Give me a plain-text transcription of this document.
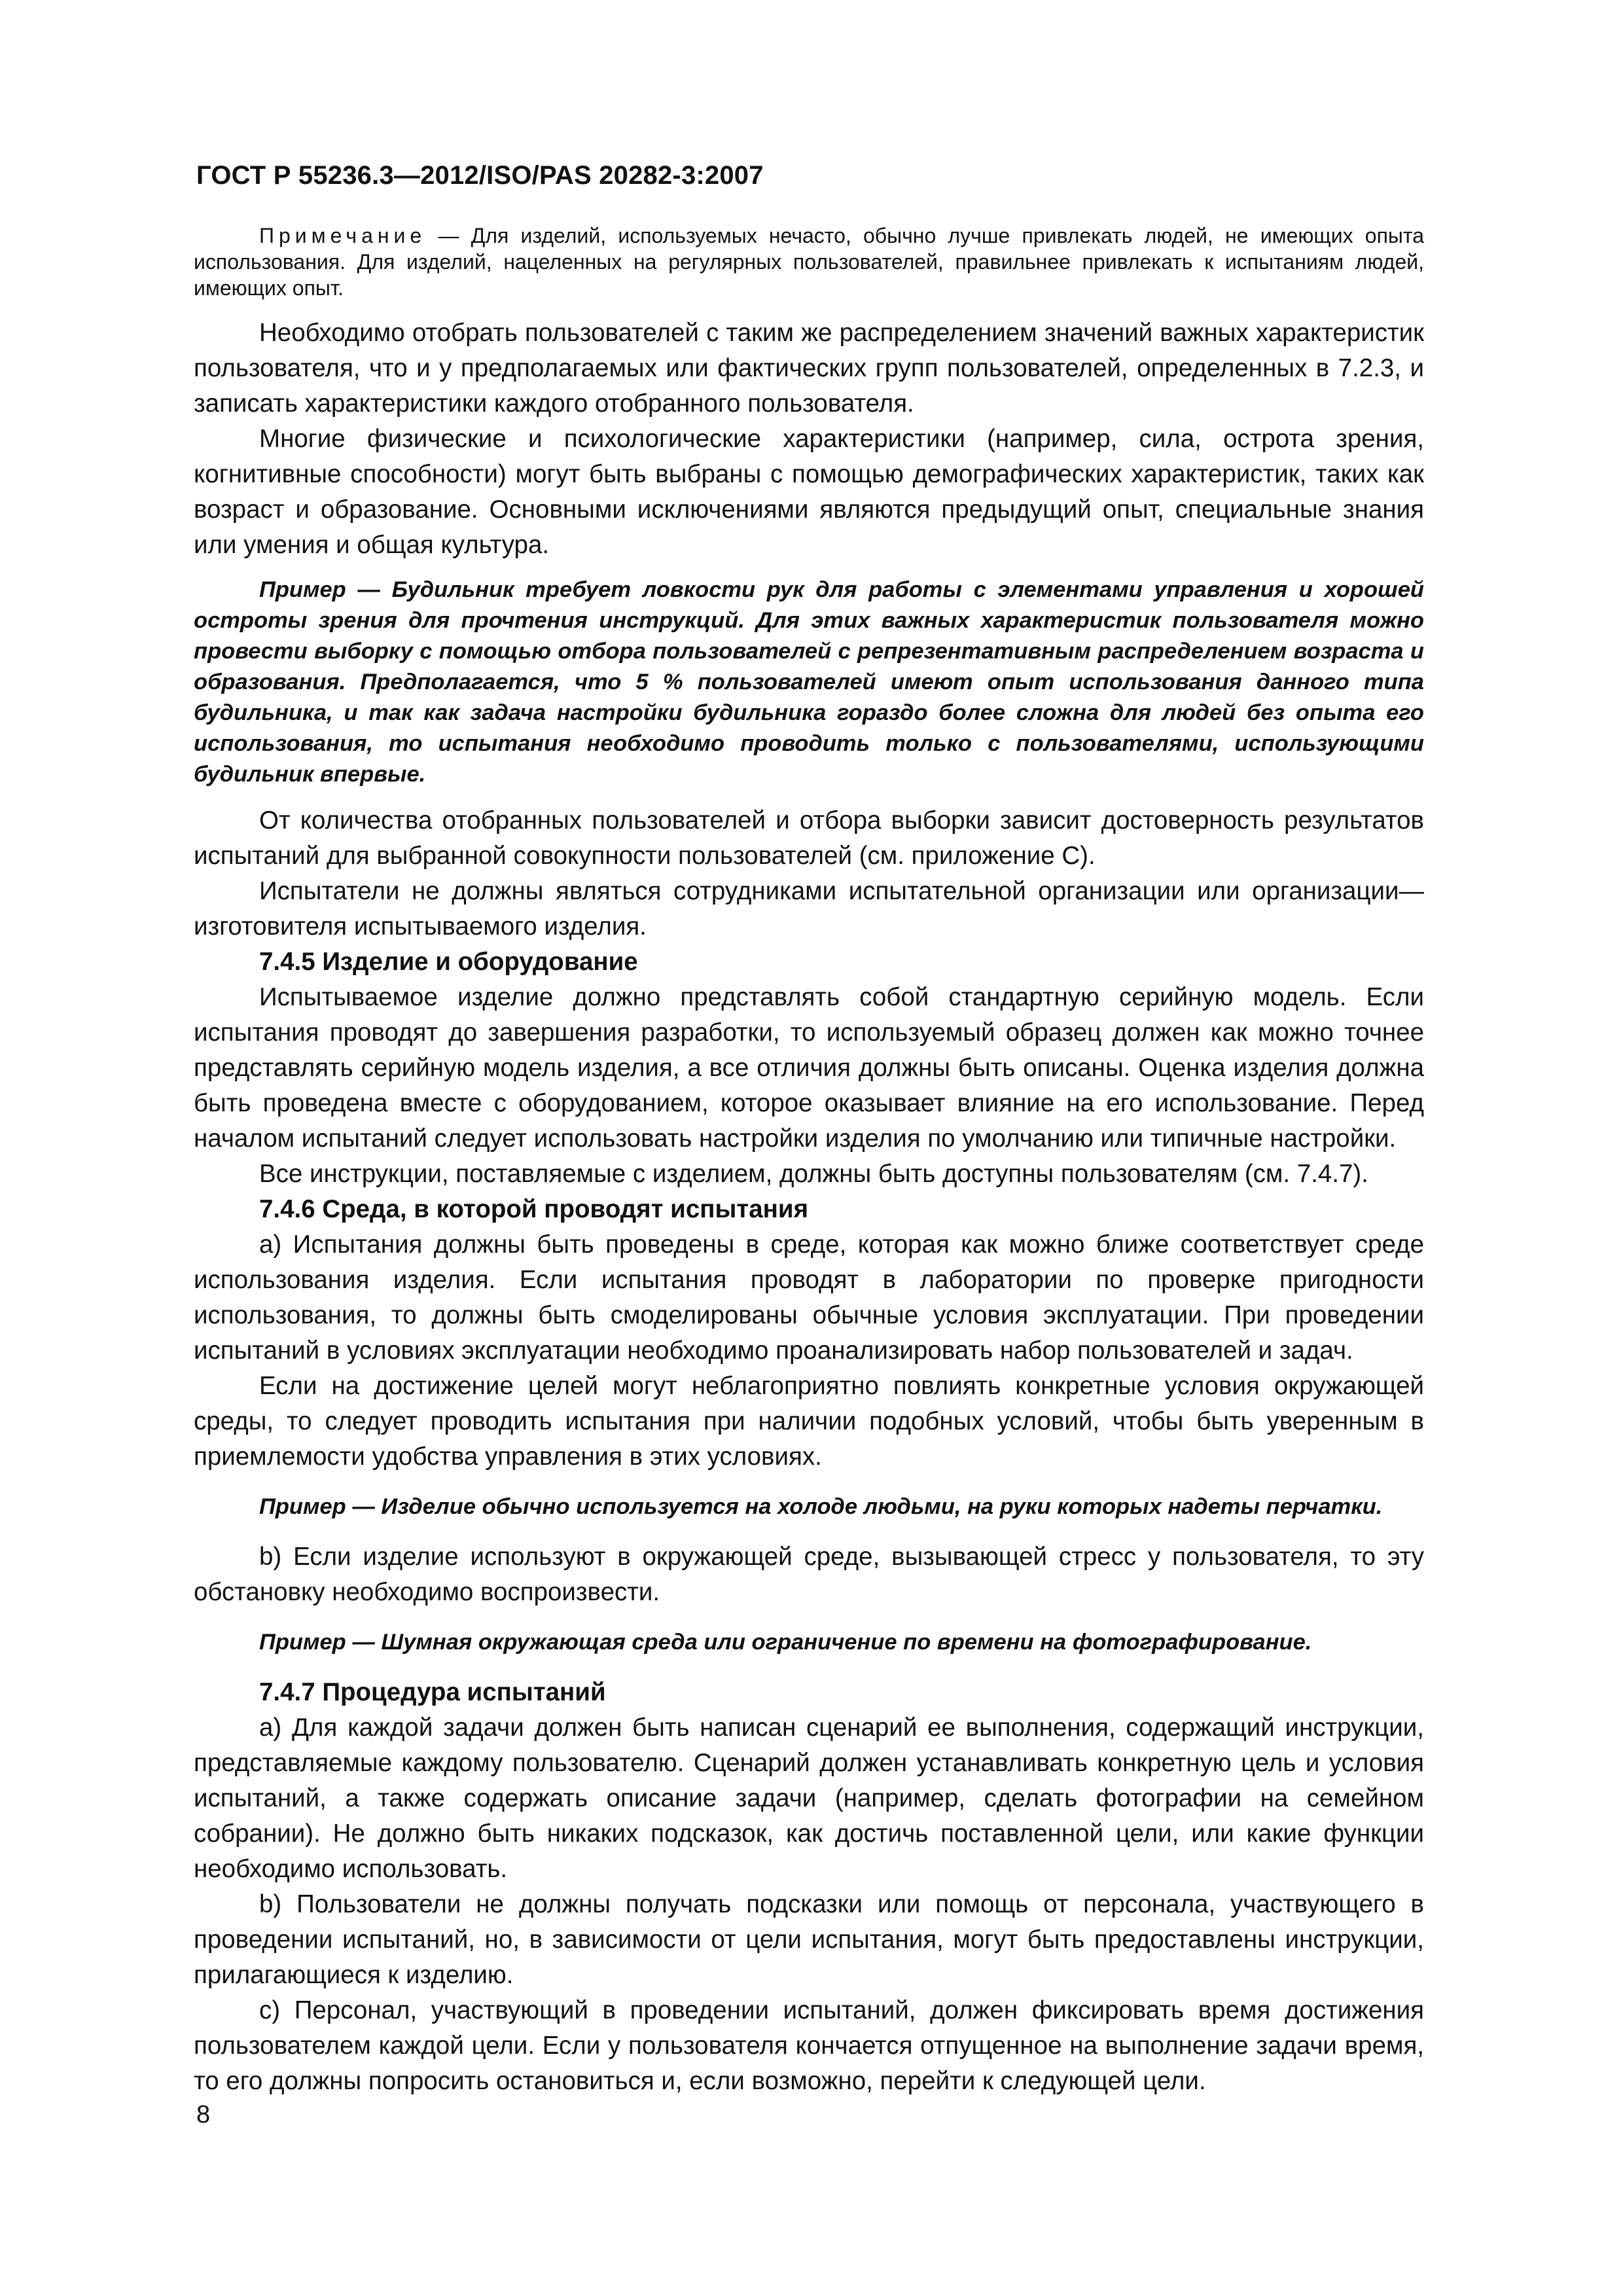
ГОСТ Р 55236.3—2012/ISO/PAS 20282-3:2007

Примечание — Для изделий, используемых нечасто, обычно лучше привлекать людей, не имеющих опыта использования. Для изделий, нацеленных на регулярных пользователей, правильнее привлекать к испытаниям людей, имеющих опыт.

Необходимо отобрать пользователей с таким же распределением значений важных характеристик пользователя, что и у предполагаемых или фактических групп пользователей, определенных в 7.2.3, и записать характеристики каждого отобранного пользователя.

Многие физические и психологические характеристики (например, сила, острота зрения, когнитивные способности) могут быть выбраны с помощью демографических характеристик, таких как возраст и образование. Основными исключениями являются предыдущий опыт, специальные знания или умения и общая культура.

Пример — Будильник требует ловкости рук для работы с элементами управления и хорошей остроты зрения для прочтения инструкций. Для этих важных характеристик пользователя можно провести выборку с помощью отбора пользователей с репрезентативным распределением возраста и образования. Предполагается, что 5 % пользователей имеют опыт использования данного типа будильника, и так как задача настройки будильника гораздо более сложна для людей без опыта его использования, то испытания необходимо проводить только с пользователями, использующими будильник впервые.

От количества отобранных пользователей и отбора выборки зависит достоверность результатов испытаний для выбранной совокупности пользователей (см. приложение С).

Испытатели не должны являться сотрудниками испытательной организации или организации—изготовителя испытываемого изделия.

7.4.5 Изделие и оборудование

Испытываемое изделие должно представлять собой стандартную серийную модель. Если испытания проводят до завершения разработки, то используемый образец должен как можно точнее представлять серийную модель изделия, а все отличия должны быть описаны. Оценка изделия должна быть проведена вместе с оборудованием, которое оказывает влияние на его использование. Перед началом испытаний следует использовать настройки изделия по умолчанию или типичные настройки.

Все инструкции, поставляемые с изделием, должны быть доступны пользователям (см. 7.4.7).

7.4.6 Среда, в которой проводят испытания

a) Испытания должны быть проведены в среде, которая как можно ближе соответствует среде использования изделия. Если испытания проводят в лаборатории по проверке пригодности использования, то должны быть смоделированы обычные условия эксплуатации. При проведении испытаний в условиях эксплуатации необходимо проанализировать набор пользователей и задач.

Если на достижение целей могут неблагоприятно повлиять конкретные условия окружающей среды, то следует проводить испытания при наличии подобных условий, чтобы быть уверенным в приемлемости удобства управления в этих условиях.

Пример — Изделие обычно используется на холоде людьми, на руки которых надеты перчатки.

b) Если изделие используют в окружающей среде, вызывающей стресс у пользователя, то эту обстановку необходимо воспроизвести.

Пример — Шумная окружающая среда или ограничение по времени на фотографирование.

7.4.7 Процедура испытаний

a) Для каждой задачи должен быть написан сценарий ее выполнения, содержащий инструкции, представляемые каждому пользователю. Сценарий должен устанавливать конкретную цель и условия испытаний, а также содержать описание задачи (например, сделать фотографии на семейном собрании). Не должно быть никаких подсказок, как достичь поставленной цели, или какие функции необходимо использовать.

b) Пользователи не должны получать подсказки или помощь от персонала, участвующего в проведении испытаний, но, в зависимости от цели испытания, могут быть предоставлены инструкции, прилагающиеся к изделию.

c) Персонал, участвующий в проведении испытаний, должен фиксировать время достижения пользователем каждой цели. Если у пользователя кончается отпущенное на выполнение задачи время, то его должны попросить остановиться и, если возможно, перейти к следующей цели.

8
